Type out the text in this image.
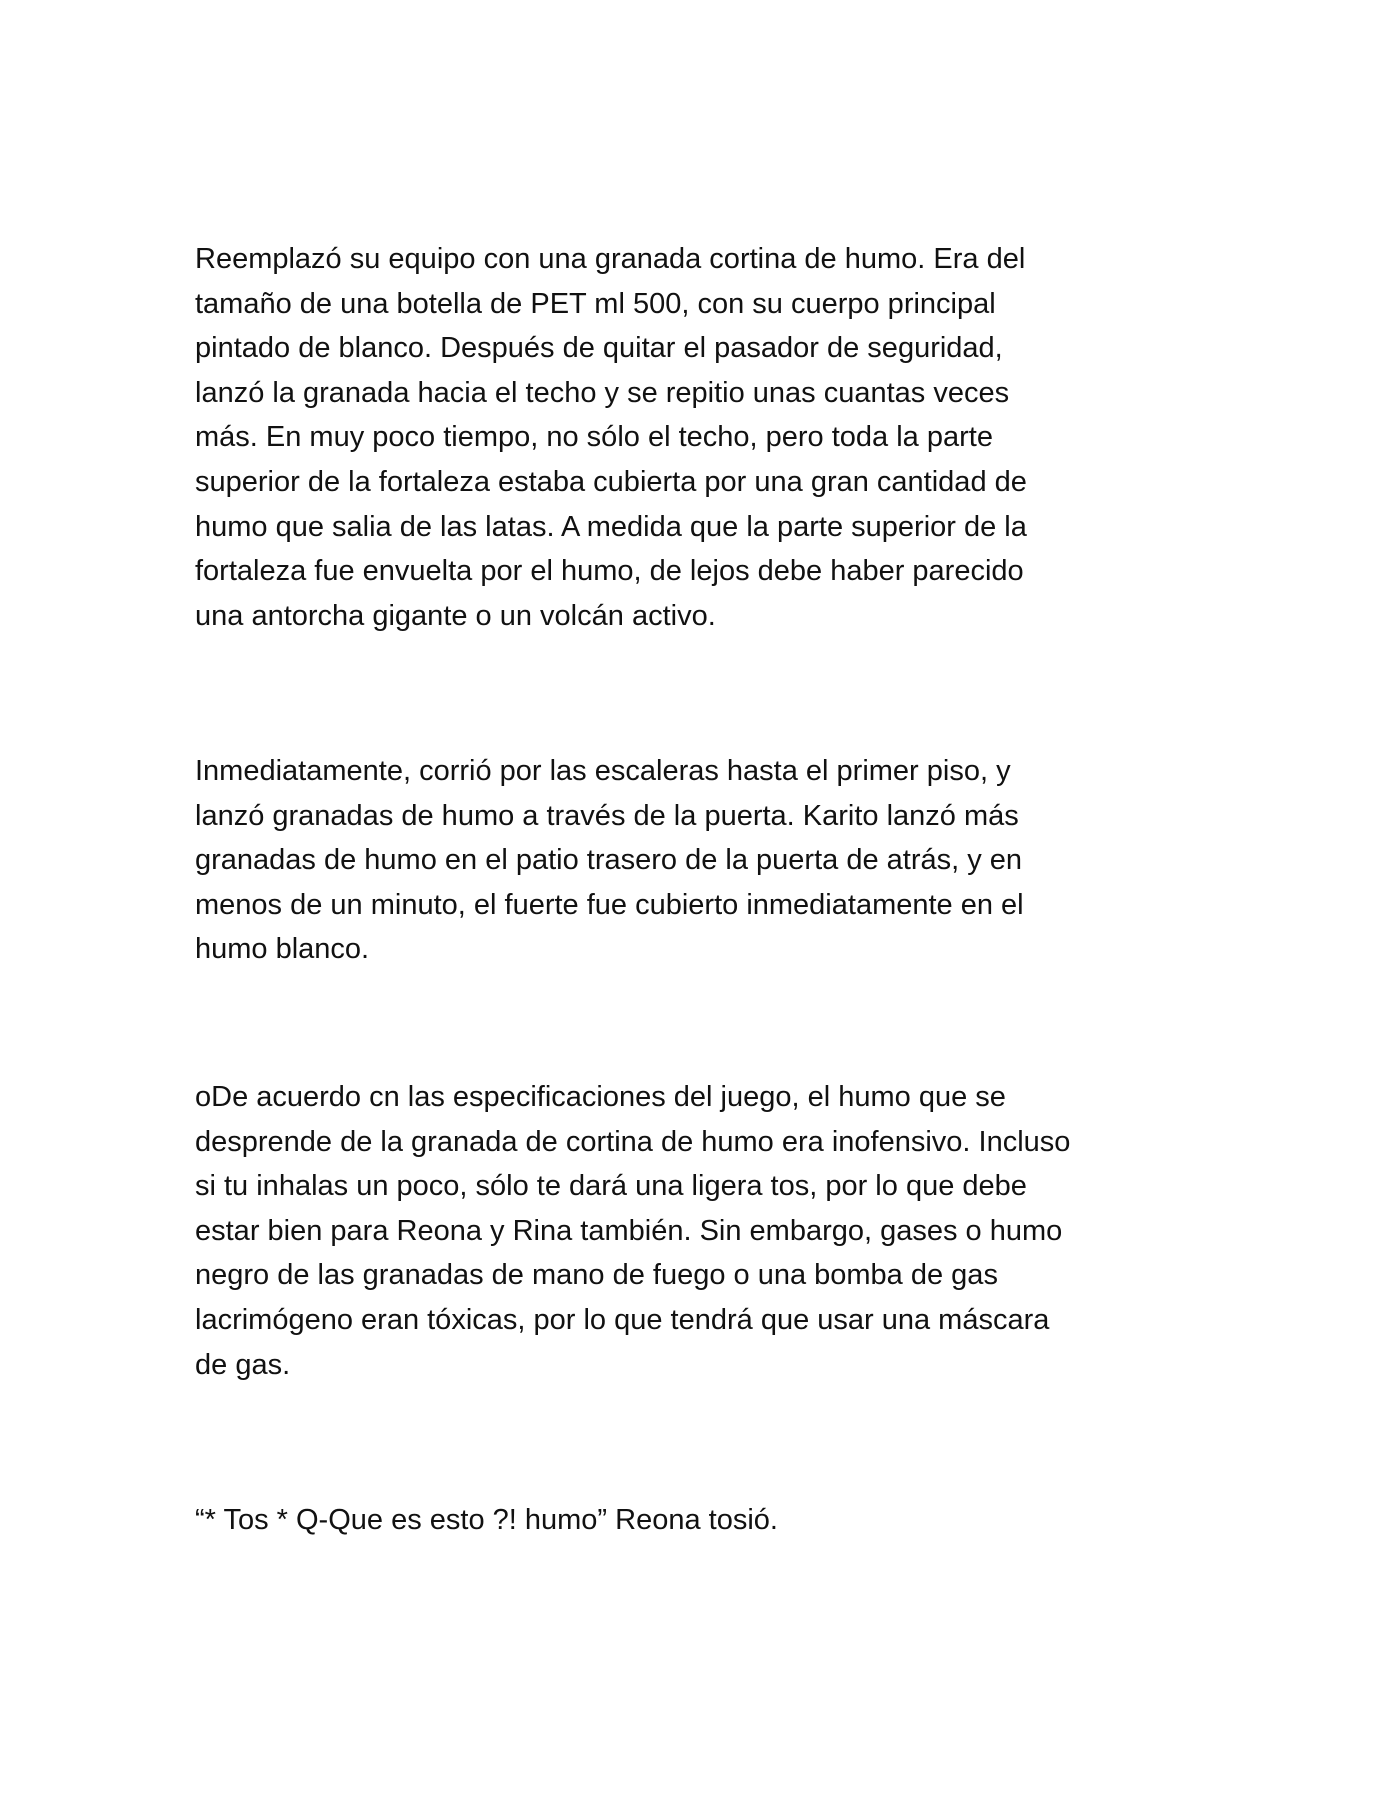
Reemplazó su equipo con una granada cortina de humo. Era del
tamaño de una botella de PET ml 500, con su cuerpo principal
pintado de blanco. Después de quitar el pasador de seguridad,
lanzó la granada hacia el techo y se repitio unas cuantas veces
más. En muy poco tiempo, no sólo el techo, pero toda la parte
superior de la fortaleza estaba cubierta por una gran cantidad de
humo que salia de las latas. A medida que la parte superior de la
fortaleza fue envuelta por el humo, de lejos debe haber parecido
una antorcha gigante o un volcán activo.

Inmediatamente, corrió por las escaleras hasta el primer piso, y
lanzó granadas de humo a través de la puerta. Karito lanzó más
granadas de humo en el patio trasero de la puerta de atrás, y en
menos de un minuto, el fuerte fue cubierto inmediatamente en el
humo blanco.

oDe acuerdo cn las especificaciones del juego, el humo que se
desprende de la granada de cortina de humo era inofensivo. Incluso
si tu inhalas un poco, sólo te dará una ligera tos, por lo que debe
estar bien para Reona y Rina también. Sin embargo, gases o humo
negro de las granadas de mano de fuego o una bomba de gas
lacrimógeno eran tóxicas, por lo que tendrá que usar una máscara
de gas.

“* Tos * Q-Que es esto ?! humo” Reona tosió.
